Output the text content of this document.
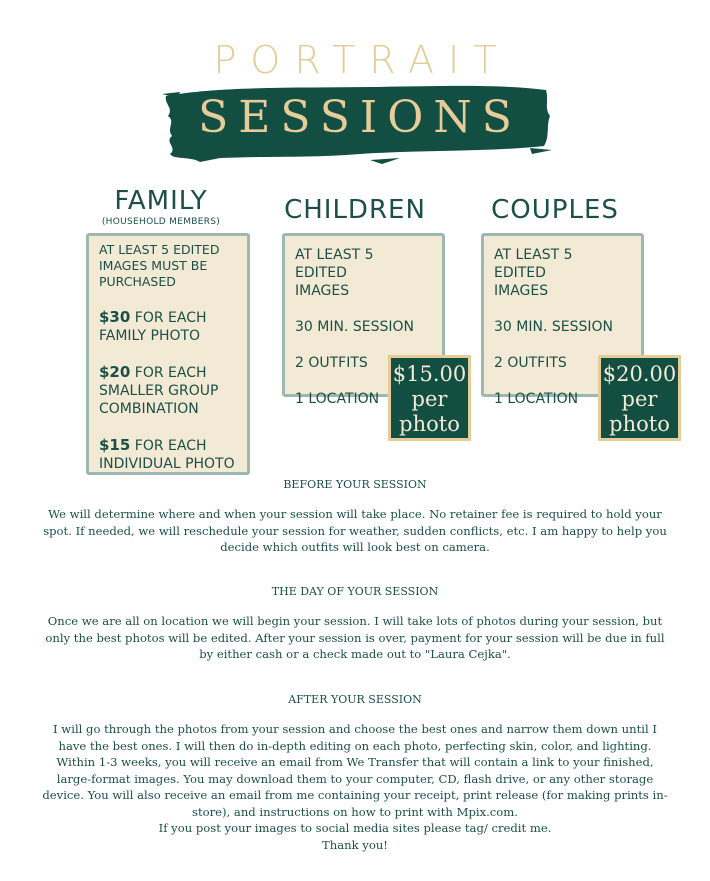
PORTRAIT
SESSIONS
FAMILY
(HOUSEHOLD MEMBERS)

AT LEAST 5 EDITED IMAGES MUST BE PURCHASED

$30 FOR EACH FAMILY PHOTO

$20 FOR EACH SMALLER GROUP COMBINATION

$15 FOR EACH INDIVIDUAL PHOTO

CHILDREN

AT LEAST 5 EDITED IMAGES

30 MIN. SESSION

2 OUTFITS

1 LOCATION

$15.00
per
photo
COUPLES

AT LEAST 5 EDITED IMAGES

30 MIN. SESSION

2 OUTFITS

1 LOCATION

$20.00
per
photo
BEFORE YOUR SESSION
We will determine where and when your session will take place. No retainer fee is required to hold your spot. If needed, we will reschedule your session for weather, sudden conflicts, etc. I am happy to help you decide which outfits will look best on camera.
THE DAY OF YOUR SESSION
Once we are all on location we will begin your session. I will take lots of photos during your session, but only the best photos will be edited. After your session is over, payment for your session will be due in full by either cash or a check made out to "Laura Cejka".
AFTER YOUR SESSION
I will go through the photos from your session and choose the best ones and narrow them down until I have the best ones. I will then do in-depth editing on each photo, perfecting skin, color, and lighting. Within 1-3 weeks, you will receive an email from We Transfer that will contain a link to your finished, large-format images. You may download them to your computer, CD, flash drive, or any other storage device. You will also receive an email from me containing your receipt, print release (for making prints in-store), and instructions on how to print with Mpix.com.
If you post your images to social media sites please tag/ credit me.
Thank you!
